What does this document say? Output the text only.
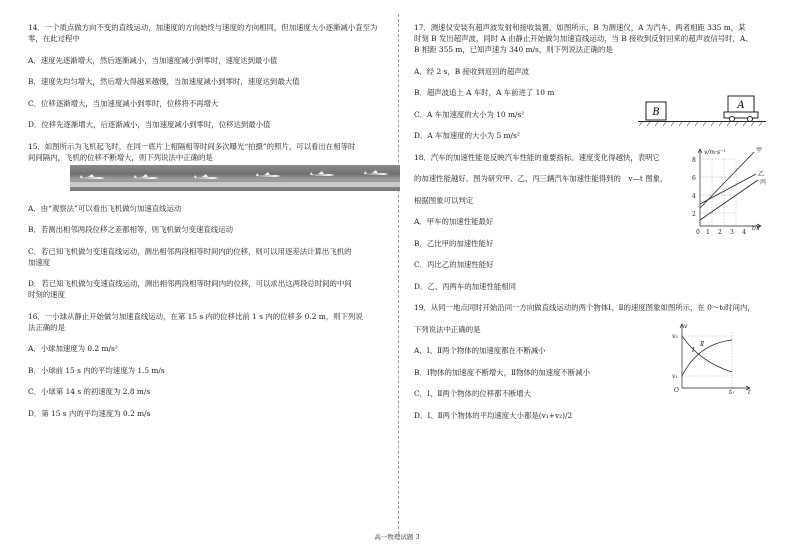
14．一个质点做方向不变的直线运动，加速度的方向始终与速度的方向相同，但加速度大小逐渐减小直至为
零，在此过程中
A．速度先逐渐增大，然后逐渐减小，当加速度减小到零时，速度达到最小值
B．速度先均匀增大，然后增大得越来越慢，当加速度减小到零时，速度达到最大值
C．位移逐渐增大，当加速度减小到零时，位移将不再增大
D．位移先逐渐增大，后逐渐减小，当加速度减小到零时，位移达到最小值
15．如图所示为飞机起飞时，在同一底片上相隔相等时间多次曝光“拍摄”的照片，可以看出在相等时
间间隔内，飞机的位移不断增大，则下列说法中正确的是
A．由“观察法”可以看出飞机做匀加速直线运动
B．若测出相邻两段位移之差都相等，则飞机做匀变速直线运动
C．若已知飞机做匀变速直线运动，测出相邻两段相等时间内的位移，则可以用逐差法计算出飞机的
加速度
D．若已知飞机做匀变速直线运动，测出相邻两段相等时间内的位移，可以求出这两段总时间的中间
时刻的速度
16．一小球从静止开始做匀加速直线运动，在第 15 s 内的位移比前 1 s 内的位移多 0.2 m，则下列说
法正确的是
A．小球加速度为 0.2 m/s²
B．小球前 15 s 内的平均速度为 1.5 m/s
C．小球第 14 s 的初速度为 2.8 m/s
D．第 15 s 内的平均速度为 0.2 m/s
17．测速仪安装有超声波发射和接收装置，如图所示，B 为测速仪，A 为汽车，两者相距 335 m，某
时刻 B 发出超声波，同时 A 由静止开始做匀加速直线运动，当 B 接收到反射回来的超声波信号时，A、
B 相距 355 m，已知声速为 340 m/s，则下列说法正确的是
A．经 2 s，B 接收到返回的超声波
B．超声波追上 A 车时，A 车前进了 10 m
C．A 车加速度的大小为 10 m/s²
D．A 车加速度的大小为 5 m/s²
B
A
18．汽车的加速性能是反映汽车性能的重要指标。速度变化得越快，表明它
的加速性能越好。图为研究甲、乙、丙三辆汽车加速性能得到的　v—t 图象，
根据图象可以判定
A．甲车的加速性能最好
B．乙比甲的加速性能好
C．丙比乙的加速性能好
D．乙、丙两车的加速性能相同
v/m·s⁻¹
t/s
2
4
6
8
0 1 2 3 4
甲
乙
丙
19．从同一地点同时开始沿同一方向做直线运动的两个物体Ⅰ、Ⅱ的速度图象如图所示，在 0～t₀时间内，
下列说法中正确的是
A．Ⅰ、Ⅱ两个物体的加速度都在不断减小
B．Ⅰ物体的加速度不断增大，Ⅱ物体的加速度不断减小
C．Ⅰ、Ⅱ两个物体的位移都不断增大
D．Ⅰ、Ⅱ两个物体的平均速度大小都是(v₁+v₂)/2
v
v₂
v₁
O	t₀ t
Ⅰ
Ⅱ
高一物理试题 3
